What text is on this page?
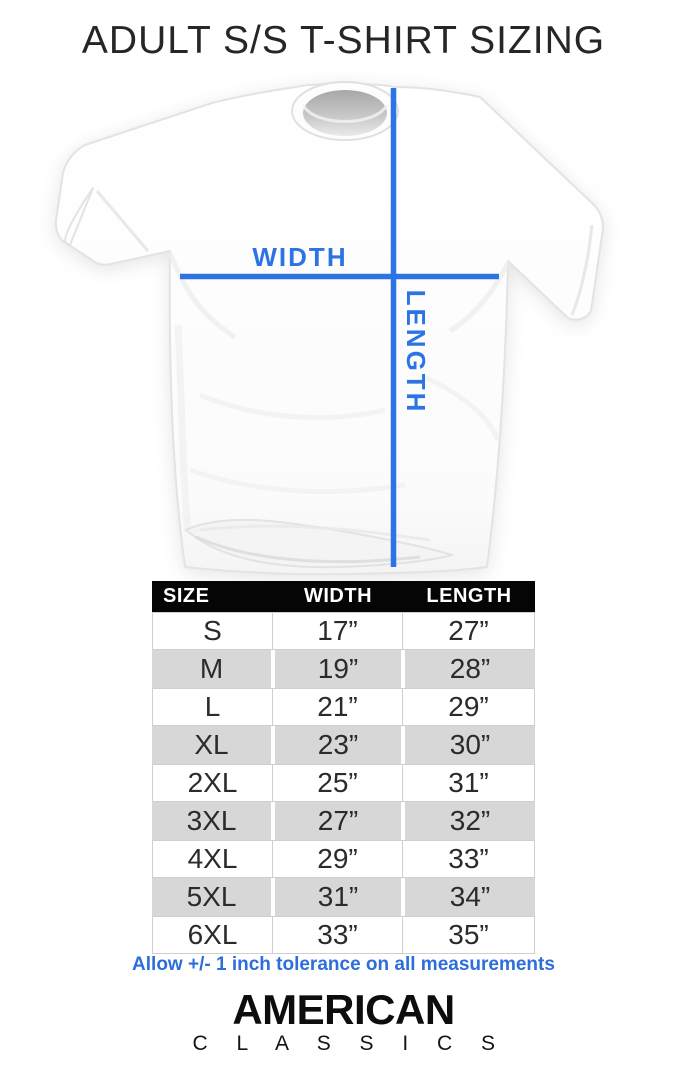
ADULT S/S T-SHIRT SIZING
WIDTH
LENGTH
SIZE	WIDTH	LENGTH
S	17”	27”
M	19”	28”
L	21”	29”
XL	23”	30”
2XL	25”	31”
3XL	27”	32”
4XL	29”	33”
5XL	31”	34”
6XL	33”	35”
Allow +/- 1 inch tolerance on all measurements
AMERICAN
C L A S S I C S
